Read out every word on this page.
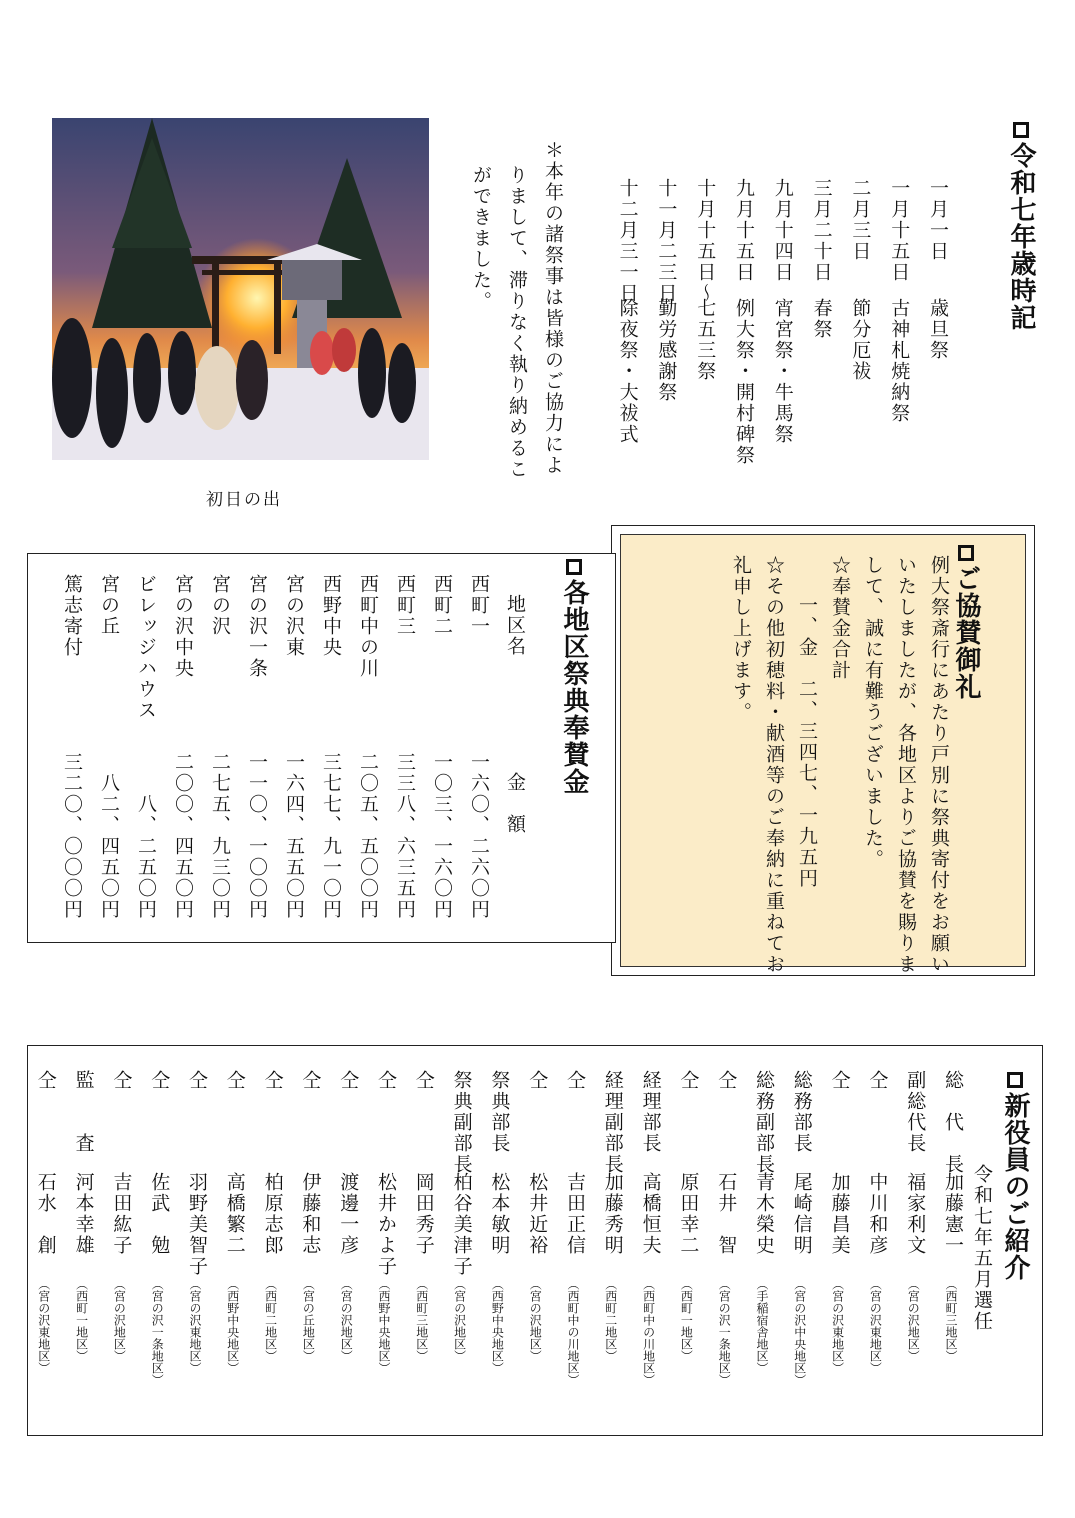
令和七年歳時記
一月一日
歳旦祭
一月十五日
古神札焼納祭
二月三日
節分厄祓
三月二十日
春祭
九月十四日
宵宮祭・牛馬祭
九月十五日
例大祭・開村碑祭
十月十五日～
七五三祭
十一月二三日
勤労感謝祭
十二月三一日
除夜祭・大祓式
＊本年の諸祭事は皆様のご協力によ
りまして、滞りなく執り納めるこ
ができました。
初日の出
ご協賛御礼
例大祭斎行にあたり戸別に祭典寄付をお願い
いたしましたが、各地区よりご協賛を賜りま
して、誠に有難うございました。
☆奉賛金合計
一、金　二、三四七、一九五円
☆その他初穂料・献酒等のご奉納に重ねてお
礼申し上げます。
各地区祭典奉賛金
地区名
金　額
西町一
一六〇、二六〇円
西町二
一〇三、一六〇円
西町三
三三八、六三五円
西町中の川
二〇五、五〇〇円
西野中央
三七七、九一〇円
宮の沢東
一六四、五五〇円
宮の沢一条
一一〇、一〇〇円
宮の沢
二七五、九三〇円
宮の沢中央
二〇〇、四五〇円
ビレッジハウス
八、二五〇円
宮の丘
八二、四五〇円
篤志寄付
三二〇、〇〇〇円
新役員のご紹介
令和七年五月選任
総　代　長
加藤憲一
（西町三地区）
副総代長
福家利文
（宮の沢地区）
仝
中川和彦
（宮の沢東地区）
仝
加藤昌美
（宮の沢東地区）
総務部長
尾崎信明
（宮の沢中央地区）
総務副部長
青木榮史
（手稲宿舎地区）
仝
石井　智
（宮の沢一条地区）
仝
原田幸二
（西町一地区）
経理部長
高橋恒夫
（西町中の川地区）
経理副部長
加藤秀明
（西町二地区）
仝
吉田正信
（西町中の川地区）
仝
松井近裕
（宮の沢地区）
祭典部長
松本敏明
（西野中央地区）
祭典副部長
柏谷美津子
（宮の沢地区）
仝
岡田秀子
（西町三地区）
仝
松井かよ子
（西野中央地区）
仝
渡邊一彦
（宮の沢地区）
仝
伊藤和志
（宮の丘地区）
仝
柏原志郎
（西町二地区）
仝
高橋繁二
（西野中央地区）
仝
羽野美智子
（宮の沢東地区）
仝
佐武　勉
（宮の沢一条地区）
仝
吉田紘子
（宮の沢地区）
監　　査
河本幸雄
（西町一地区）
仝
石水　創
（宮の沢東地区）
